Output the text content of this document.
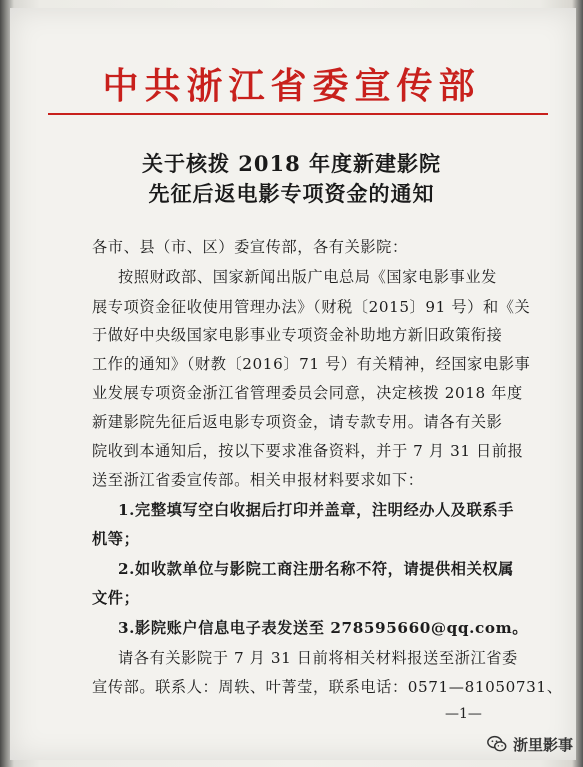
中共浙江省委宣传部
关于核拨 2018 年度新建影院
先征后返电影专项资金的通知
各市、县（市、区）委宣传部，各有关影院：
按照财政部、国家新闻出版广电总局《国家电影事业发
展专项资金征收使用管理办法》（财税〔2015〕91 号）和《关
于做好中央级国家电影事业专项资金补助地方新旧政策衔接
工作的通知》（财教〔2016〕71 号）有关精神，经国家电影事
业发展专项资金浙江省管理委员会同意，决定核拨 2018 年度
新建影院先征后返电影专项资金，请专款专用。请各有关影
院收到本通知后，按以下要求准备资料，并于 7 月 31 日前报
送至浙江省委宣传部。相关申报材料要求如下：
1.完整填写空白收据后打印并盖章，注明经办人及联系手
机等；
2.如收款单位与影院工商注册名称不符，请提供相关权属
文件；
3.影院账户信息电子表发送至 278595660@qq.com。
请各有关影院于 7 月 31 日前将相关材料报送至浙江省委
宣传部。联系人：周轶、叶菁莹，联系电话：0571—81050731、
—1—
浙里影事
